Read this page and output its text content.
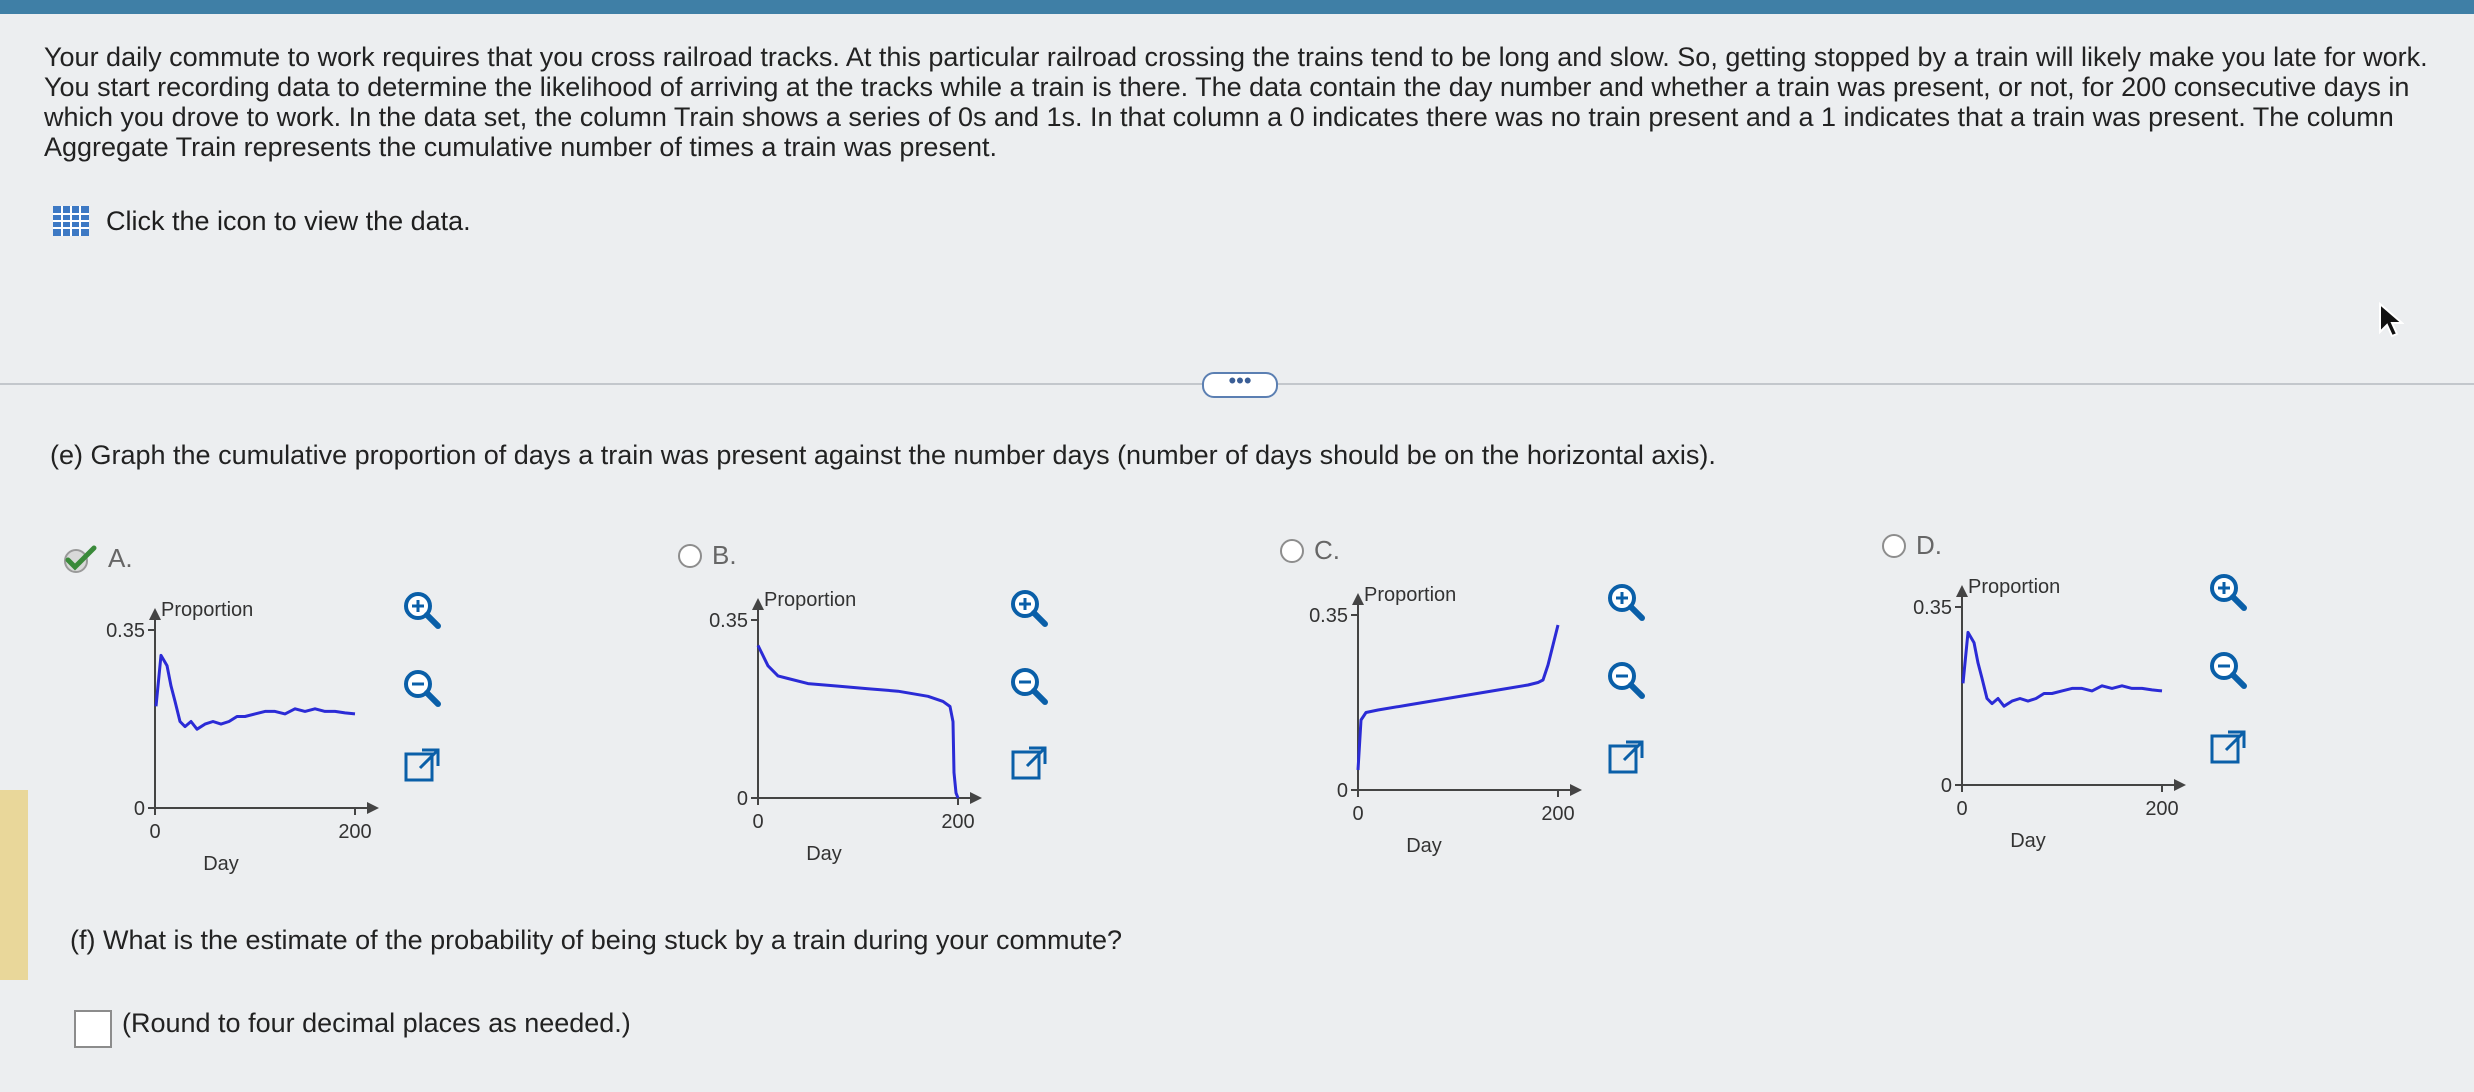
Your daily commute to work requires that you cross railroad tracks. At this particular railroad crossing the trains tend to be long and slow. So, getting stopped by a train will likely make you late for work. You start recording data to determine the likelihood of arriving at the tracks while a train is there. The data contain the day number and whether a train was present, or not, for 200 consecutive days in which you drove to work. In the data set, the column Train shows a series of 0s and 1s. In that column a 0 indicates there was no train present and a 1 indicates that a train was present. The column Aggregate Train represents the cumulative number of times a train was present.
Click the icon to view the data.
•••
(e) Graph the cumulative proportion of days a train was present against the number days (number of days should be on the horizontal axis).
A.
0
0.35
0	200
Proportion
Day
B.
0
0.35
0	200
Proportion
Day
C.
0
0.35
0	200
Proportion
Day
D.
0
0.35
0	200
Proportion
Day
(f) What is the estimate of the probability of being stuck by a train during your commute?
(Round to four decimal places as needed.)
